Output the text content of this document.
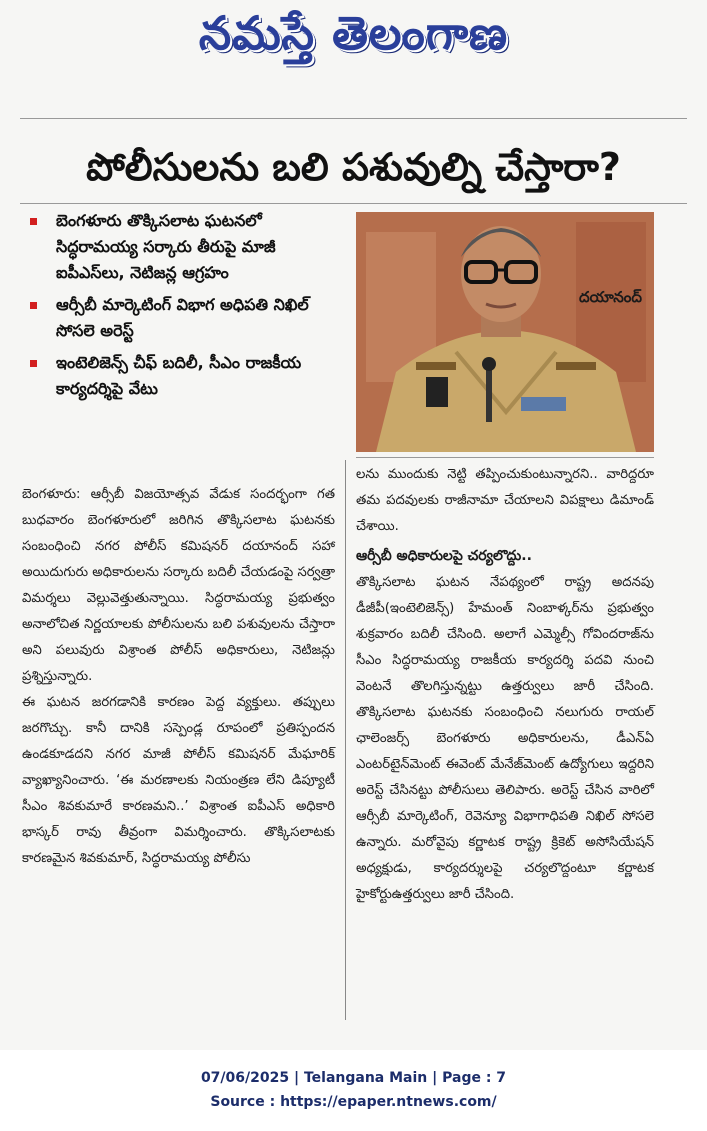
నమస్తే తెలంగాణ
పోలీసులను బలి పశువుల్ని చేస్తారా?
బెంగళూరు తొక్కిసలాట ఘటనలో సిద్ధరామయ్య సర్కారు తీరుపై మాజీ ఐపీఎస్‌లు, నెటిజన్ల ఆగ్రహం
ఆర్సీబీ మార్కెటింగ్ విభాగ అధిపతి నిఖిల్ సోసలె అరెస్ట్
ఇంటెలిజెన్స్ చీఫ్ బదిలీ, సీఎం రాజకీయ కార్యదర్శిపై వేటు
దయానంద్

బెంగళూరు: ఆర్సీబీ విజయోత్సవ వేడుక సందర్భంగా గత బుధవారం బెంగళూరులో జరిగిన తొక్కిసలాట ఘటనకు సంబంధించి నగర పోలీస్ కమిషనర్ దయానంద్ సహా అయిదుగురు అధికారులను సర్కారు బదిలీ చేయడంపై సర్వత్రా విమర్శలు వెల్లువెత్తుతున్నాయి. సిద్ధరామయ్య ప్రభుత్వం అనాలోచిత నిర్ణయాలకు పోలీసులను బలి పశువులను చేస్తారా అని పలువురు విశ్రాంత పోలీస్ అధికారులు, నెటిజన్లు ప్రశ్నిస్తున్నారు.

ఈ ఘటన జరగడానికి కారణం పెద్ద వ్యక్తులు. తప్పులు జరగొచ్చు. కానీ దానికి సస్పెండ్ల రూపంలో ప్రతిస్పందన ఉండకూడదని నగర మాజీ పోలీస్ కమిషనర్ మేఘారిక్ వ్యాఖ్యానించారు. ‘ఈ మరణాలకు నియంత్రణ లేని డిప్యూటీ సీఎం శివకుమారే కారణమని..’ విశ్రాంత ఐపీఎస్ అధికారి భాస్కర్ రావు తీవ్రంగా విమర్శించారు. తొక్కిసలాటకు కారణమైన శివకుమార్, సిద్ధరామయ్య పోలీసు

లను ముందుకు నెట్టి తప్పించుకుంటున్నారని.. వారిద్దరూ తమ పదవులకు రాజీనామా చేయాలని విపక్షాలు డిమాండ్ చేశాయి.

ఆర్సీబీ అధికారులపై చర్యలొద్దు..

తొక్కిసలాట ఘటన నేపథ్యంలో రాష్ట్ర అదనపు డీజీపీ(ఇంటెలిజెన్స్) హేమంత్ నింబాళ్కర్‌ను ప్రభుత్వం శుక్రవారం బదిలీ చేసింది. అలాగే ఎమ్మెల్సీ గోవిందరాజ్‌ను సీఎం సిద్ధరామయ్య రాజకీయ కార్యదర్శి పదవి నుంచి వెంటనే తొలగిస్తున్నట్టు ఉత్తర్వులు జారీ చేసింది. తొక్కిసలాట ఘటనకు సంబంధించి నలుగురు రాయల్ ఛాలెంజర్స్ బెంగళూరు అధికారులను, డీఎన్ఏ ఎంటర్‌టైన్‌మెంట్ ఈవెంట్ మేనేజ్‌మెంట్ ఉద్యోగులు ఇద్దరిని అరెస్ట్ చేసినట్టు పోలీసులు తెలిపారు. అరెస్ట్ చేసిన వారిలో ఆర్సీబీ మార్కెటింగ్, రెవెన్యూ విభాగాధిపతి నిఖిల్ సోసలె ఉన్నారు. మరోవైపు కర్ణాటక రాష్ట్ర క్రికెట్ అసోసియేషన్ అధ్యక్షుడు, కార్యదర్శులపై చర్యలొద్దంటూ కర్ణాటక హైకోర్టుఉత్తర్వులు జారీ చేసింది.

07/06/2025 | Telangana Main | Page : 7
Source : https://epaper.ntnews.com/
